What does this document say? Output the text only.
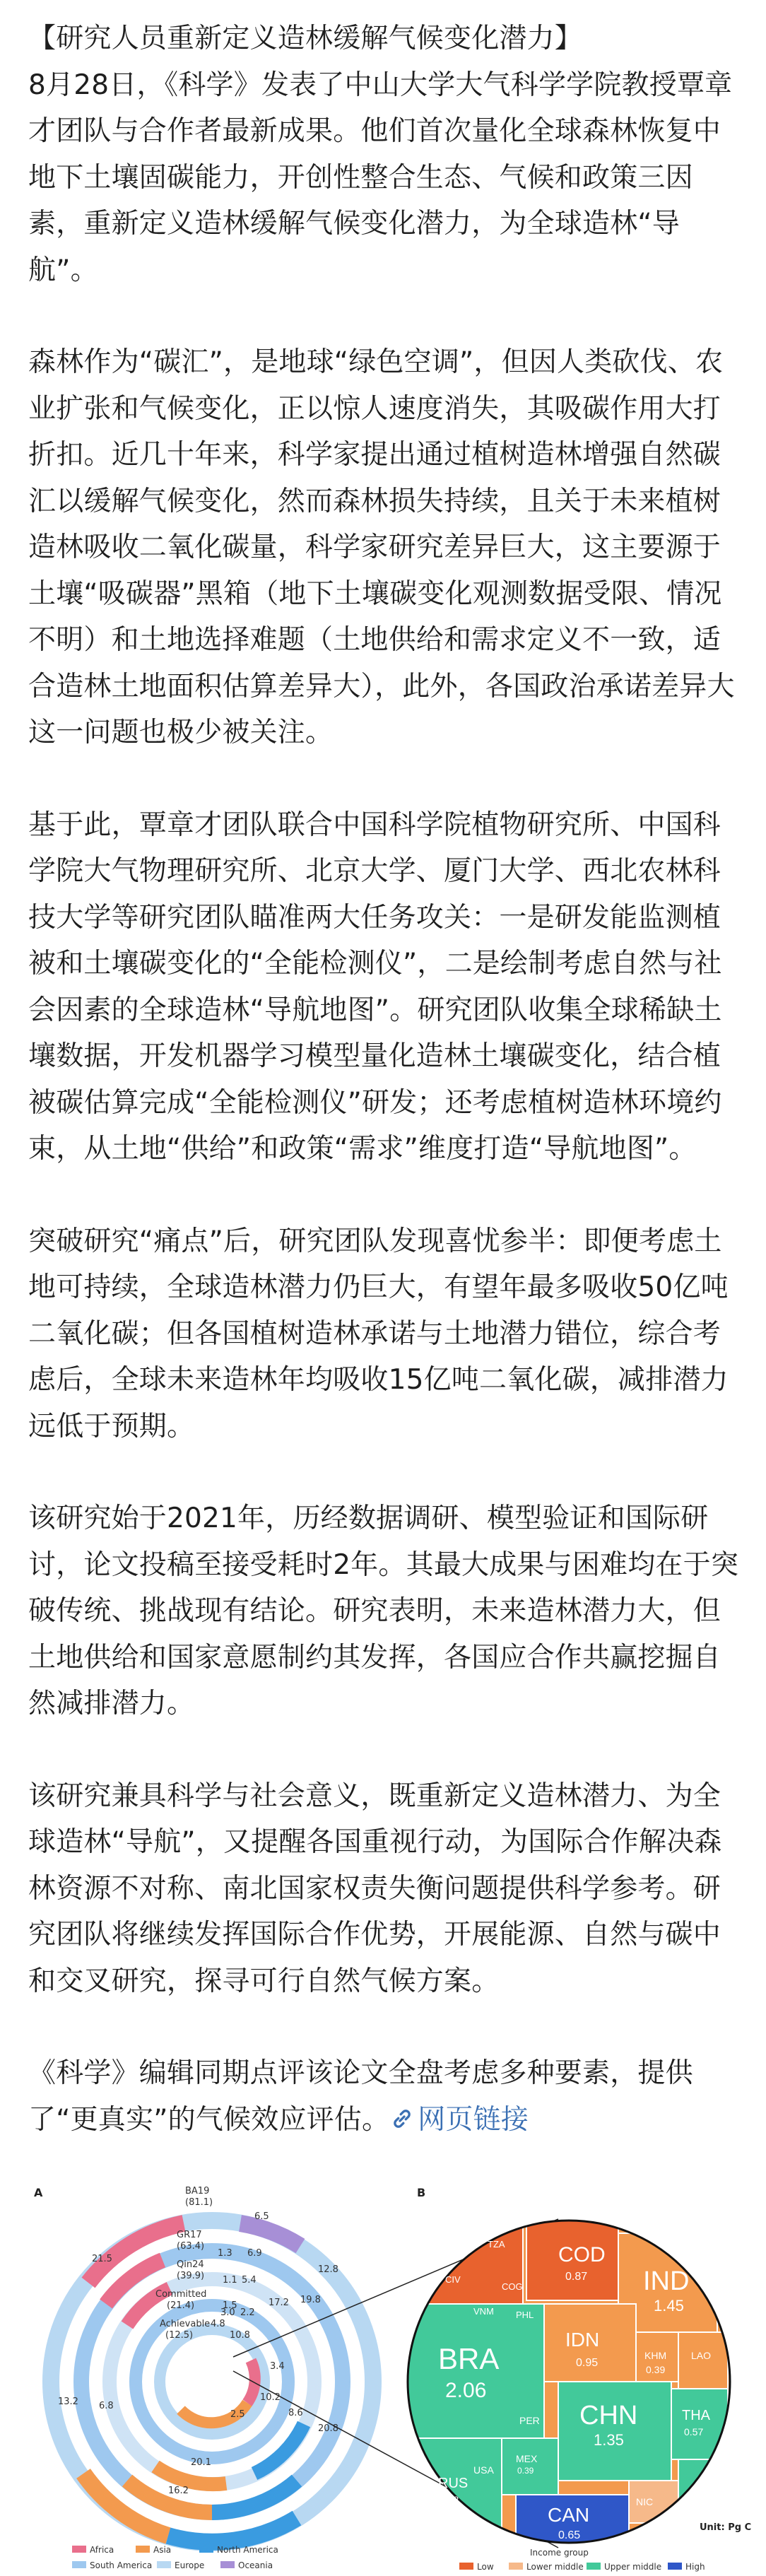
【研究人员重新定义造林缓解气候变化潜力】

8月28日，《科学》发表了中山大学大气科学学院教授覃章才团队与合作者最新成果。他们首次量化全球森林恢复中地下土壤固碳能力，开创性整合生态、气候和政策三因素，重新定义造林缓解气候变化潜力，为全球造林“导航”。

森林作为“碳汇”，是地球“绿色空调”，但因人类砍伐、农业扩张和气候变化，正以惊人速度消失，其吸碳作用大打折扣。近几十年来，科学家提出通过植树造林增强自然碳汇以缓解气候变化，然而森林损失持续，且关于未来植树造林吸收二氧化碳量，科学家研究差异巨大，这主要源于土壤“吸碳器”黑箱（地下土壤碳变化观测数据受限、情况不明）和土地选择难题（土地供给和需求定义不一致，适合造林土地面积估算差异大），此外，各国政治承诺差异大这一问题也极少被关注。

基于此，覃章才团队联合中国科学院植物研究所、中国科学院大气物理研究所、北京大学、厦门大学、西北农林科技大学等研究团队瞄准两大任务攻关：一是研发能监测植被和土壤碳变化的“全能检测仪”，二是绘制考虑自然与社会因素的全球造林“导航地图”。研究团队收集全球稀缺土壤数据，开发机器学习模型量化造林土壤碳变化，结合植被碳估算完成“全能检测仪”研发；还考虑植树造林环境约束，从土地“供给”和政策“需求”维度打造“导航地图”。

突破研究“痛点”后，研究团队发现喜忧参半：即便考虑土地可持续，全球造林潜力仍巨大，有望年最多吸收50亿吨二氧化碳；但各国植树造林承诺与土地潜力错位，综合考虑后，全球未来造林年均吸收15亿吨二氧化碳，减排潜力远低于预期。

该研究始于2021年，历经数据调研、模型验证和国际研讨，论文投稿至接受耗时2年。其最大成果与困难均在于突破传统、挑战现有结论。研究表明，未来造林潜力大，但土地供给和国家意愿制约其发挥，各国应合作共赢挖掘自然减排潜力。

该研究兼具科学与社会意义，既重新定义造林潜力、为全球造林“导航”，又提醒各国重视行动，为国际合作解决森林资源不对称、南北国家权责失衡问题提供科学参考。研究团队将继续发挥国际合作优势，开展能源、自然与碳中和交叉研究，探寻可行自然气候方案。

《科学》编辑同期点评该论文全盘考虑多种要素，提供了“更真实”的气候效应评估。 网页链接

A	BA19
(81.1)
GR17
(63.4)
Qin24
(39.9)
Committed
(21.4)
Achievable
(12.5)
6.5
21.5
1.3 6.9
1.1 5.4
1.5
12.8
10.8
2.2
3.0
4.8
17.2 19.8
3.4
10.2
2.5	8.6
20.8
6.8
13.2
20.1
16.2
Africa	Asia	North America
South America	Europe	Oceania
B
COD
0.87 IND
1.45
BRA
2.06
IDN
0.95
KHM
0.39
LAO
CHN
1.35
THA
0.57
MEX
0.39
RUS
0.38
CAN
0.65
NIC
NGA
COG
TZA
CIV
VNM PHL
USA
PER
Unit: Pg C
Income group
Low	Lower middle Upper middle	High
